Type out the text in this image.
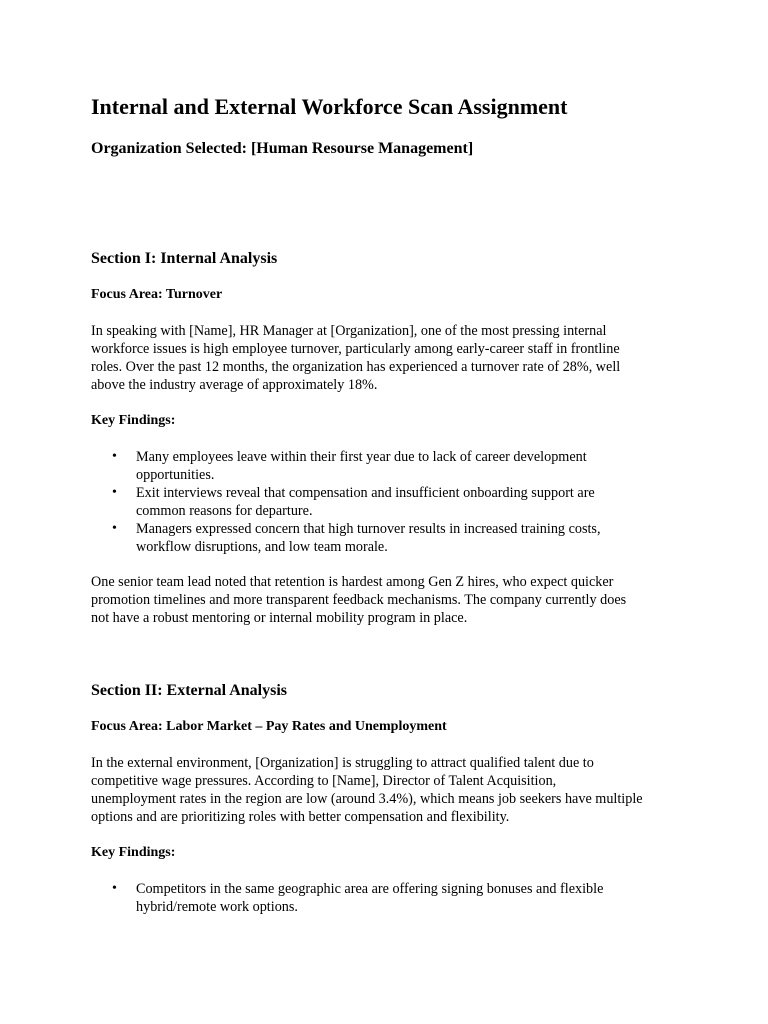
Internal and External Workforce Scan Assignment
Organization Selected: [Human Resourse Management]
Section I: Internal Analysis

Focus Area: Turnover

In speaking with [Name], HR Manager at [Organization], one of the most pressing internal
workforce issues is high employee turnover, particularly among early-career staff in frontline
roles. Over the past 12 months, the organization has experienced a turnover rate of 28%, well
above the industry average of approximately 18%.

Key Findings:

• Many employees leave within their first year due to lack of career development
opportunities.
• Exit interviews reveal that compensation and insufficient onboarding support are
common reasons for departure.
• Managers expressed concern that high turnover results in increased training costs,
workflow disruptions, and low team morale.

One senior team lead noted that retention is hardest among Gen Z hires, who expect quicker
promotion timelines and more transparent feedback mechanisms. The company currently does
not have a robust mentoring or internal mobility program in place.

Section II: External Analysis

Focus Area: Labor Market – Pay Rates and Unemployment

In the external environment, [Organization] is struggling to attract qualified talent due to
competitive wage pressures. According to [Name], Director of Talent Acquisition,
unemployment rates in the region are low (around 3.4%), which means job seekers have multiple
options and are prioritizing roles with better compensation and flexibility.

Key Findings:

• Competitors in the same geographic area are offering signing bonuses and flexible
hybrid/remote work options.
